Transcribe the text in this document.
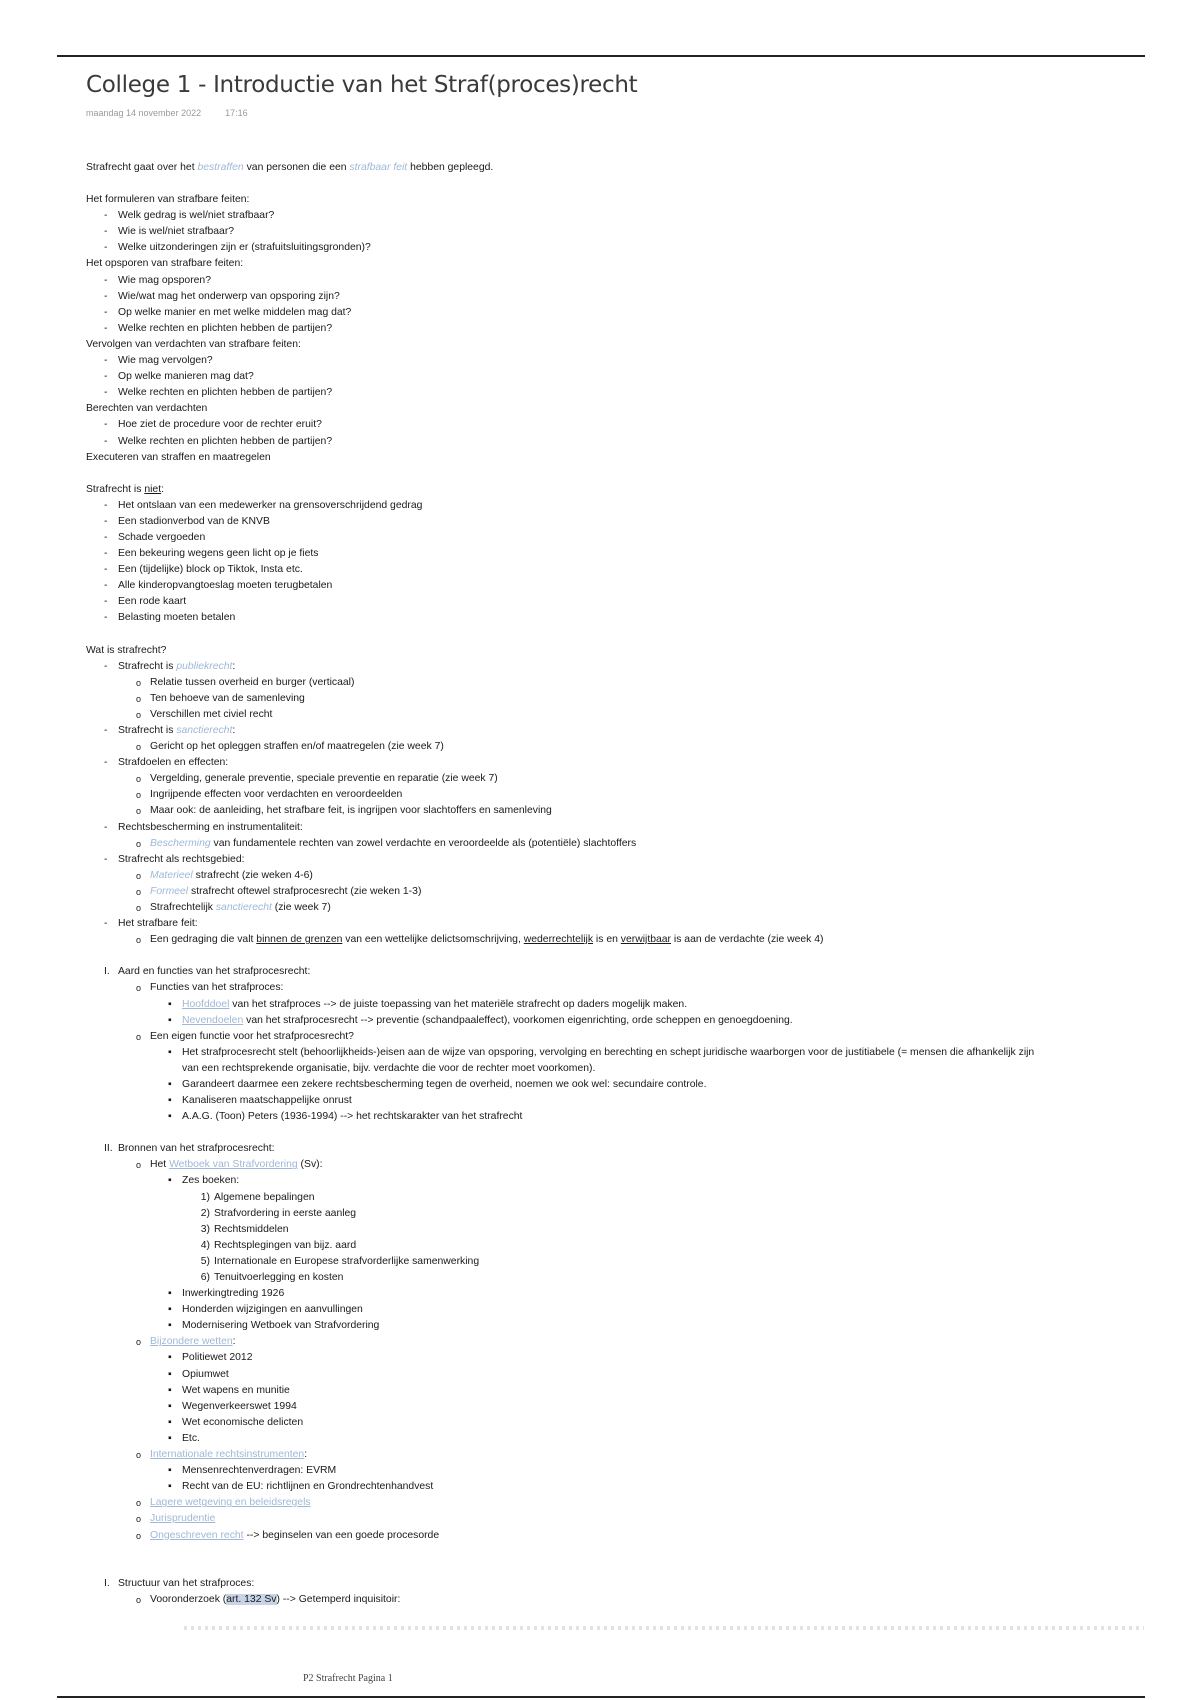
College 1 - Introductie van het Straf(proces)recht
maandag 14 november 2022	17:16
Strafrecht gaat over het bestraffen van personen die een strafbaar feit hebben gepleegd.
Het formuleren van strafbare feiten:
-	Welk gedrag is wel/niet strafbaar?
-	Wie is wel/niet strafbaar?
-	Welke uitzonderingen zijn er (strafuitsluitingsgronden)?
Het opsporen van strafbare feiten:
-	Wie mag opsporen?
-	Wie/wat mag het onderwerp van opsporing zijn?
-	Op welke manier en met welke middelen mag dat?
-	Welke rechten en plichten hebben de partijen?
Vervolgen van verdachten van strafbare feiten:
-	Wie mag vervolgen?
-	Op welke manieren mag dat?
-	Welke rechten en plichten hebben de partijen?
Berechten van verdachten
-	Hoe ziet de procedure voor de rechter eruit?
-	Welke rechten en plichten hebben de partijen?
Executeren van straffen en maatregelen
Strafrecht is niet:
-	Het ontslaan van een medewerker na grensoverschrijdend gedrag
-	Een stadionverbod van de KNVB
-	Schade vergoeden
-	Een bekeuring wegens geen licht op je fiets
-	Een (tijdelijke) block op Tiktok, Insta etc.
-	Alle kinderopvangtoeslag moeten terugbetalen
-	Een rode kaart
-	Belasting moeten betalen
Wat is strafrecht?
-	Strafrecht is publiekrecht:
o Relatie tussen overheid en burger (verticaal)
o Ten behoeve van de samenleving
o Verschillen met civiel recht
-	Strafrecht is sanctierecht:
o Gericht op het opleggen straffen en/of maatregelen (zie week 7)
-	Strafdoelen en effecten:
o Vergelding, generale preventie, speciale preventie en reparatie (zie week 7)
o Ingrijpende effecten voor verdachten en veroordeelden
o Maar ook: de aanleiding, het strafbare feit, is ingrijpen voor slachtoffers en samenleving
-	Rechtsbescherming en instrumentaliteit:
o Bescherming van fundamentele rechten van zowel verdachte en veroordeelde als (potentiële) slachtoffers
-	Strafrecht als rechtsgebied:
o Materieel strafrecht (zie weken 4-6)
o Formeel strafrecht oftewel strafprocesrecht (zie weken 1-3)
o Strafrechtelijk sanctierecht (zie week 7)
-	Het strafbare feit:
o Een gedraging die valt binnen de grenzen van een wettelijke delictsomschrijving, wederrechtelijk is en verwijtbaar is aan de verdachte (zie week 4)
I. Aard en functies van het strafprocesrecht:
o Functies van het strafproces:
▪ Hoofddoel van het strafproces --> de juiste toepassing van het materiële strafrecht op daders mogelijk maken.
▪ Nevendoelen van het strafprocesrecht --> preventie (schandpaaleffect), voorkomen eigenrichting, orde scheppen en genoegdoening.
o Een eigen functie voor het strafprocesrecht?
▪ Het strafprocesrecht stelt (behoorlijkheids-)eisen aan de wijze van opsporing, vervolging en berechting en schept juridische waarborgen voor de justitiabele (= mensen die afhankelijk zijn
van een rechtsprekende organisatie, bijv. verdachte die voor de rechter moet voorkomen).
▪ Garandeert daarmee een zekere rechtsbescherming tegen de overheid, noemen we ook wel: secundaire controle.
▪ Kanaliseren maatschappelijke onrust
▪ A.A.G. (Toon) Peters (1936-1994) --> het rechtskarakter van het strafrecht
II. Bronnen van het strafprocesrecht:
o Het Wetboek van Strafvordering (Sv):
▪ Zes boeken:
1) Algemene bepalingen
2) Strafvordering in eerste aanleg
3) Rechtsmiddelen
4) Rechtsplegingen van bijz. aard
5) Internationale en Europese strafvorderlijke samenwerking
6) Tenuitvoerlegging en kosten
▪ Inwerkingtreding 1926
▪ Honderden wijzigingen en aanvullingen
▪ Modernisering Wetboek van Strafvordering
o Bijzondere wetten:
▪ Politiewet 2012
▪ Opiumwet
▪ Wet wapens en munitie
▪ Wegenverkeerswet 1994
▪ Wet economische delicten
▪ Etc.
o Internationale rechtsinstrumenten:
▪ Mensenrechtenverdragen: EVRM
▪ Recht van de EU: richtlijnen en Grondrechtenhandvest
o Lagere wetgeving en beleidsregels
o Jurisprudentie
o Ongeschreven recht --> beginselen van een goede procesorde
I. Structuur van het strafproces:
o Vooronderzoek (art. 132 Sv) --> Getemperd inquisitoir:
P2 Strafrecht Pagina 1
